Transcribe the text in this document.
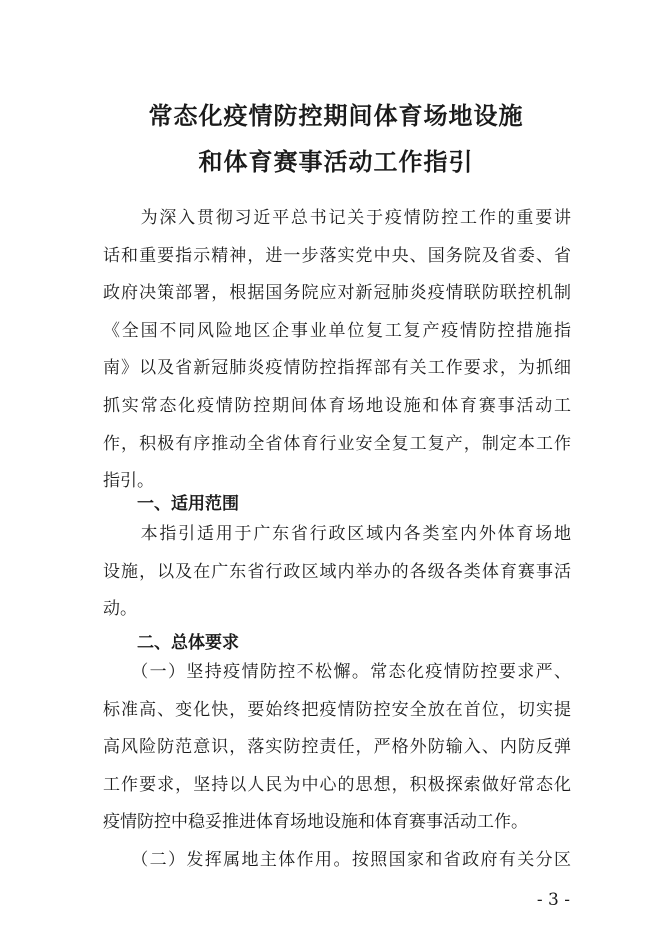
常态化疫情防控期间体育场地设施
和体育赛事活动工作指引
　　为深入贯彻习近平总书记关于疫情防控工作的重要讲
话和重要指示精神，进一步落实党中央、国务院及省委、省
政府决策部署，根据国务院应对新冠肺炎疫情联防联控机制
《全国不同风险地区企事业单位复工复产疫情防控措施指
南》以及省新冠肺炎疫情防控指挥部有关工作要求，为抓细
抓实常态化疫情防控期间体育场地设施和体育赛事活动工
作，积极有序推动全省体育行业安全复工复产，制定本工作
指引。
一、适用范围
　　本指引适用于广东省行政区域内各类室内外体育场地
设施，以及在广东省行政区域内举办的各级各类体育赛事活
动。
二、总体要求
　　（一）坚持疫情防控不松懈。常态化疫情防控要求严、
标准高、变化快，要始终把疫情防控安全放在首位，切实提
高风险防范意识，落实防控责任，严格外防输入、内防反弹
工作要求，坚持以人民为中心的思想，积极探索做好常态化
疫情防控中稳妥推进体育场地设施和体育赛事活动工作。
　　（二）发挥属地主体作用。按照国家和省政府有关分区
- 3 -
